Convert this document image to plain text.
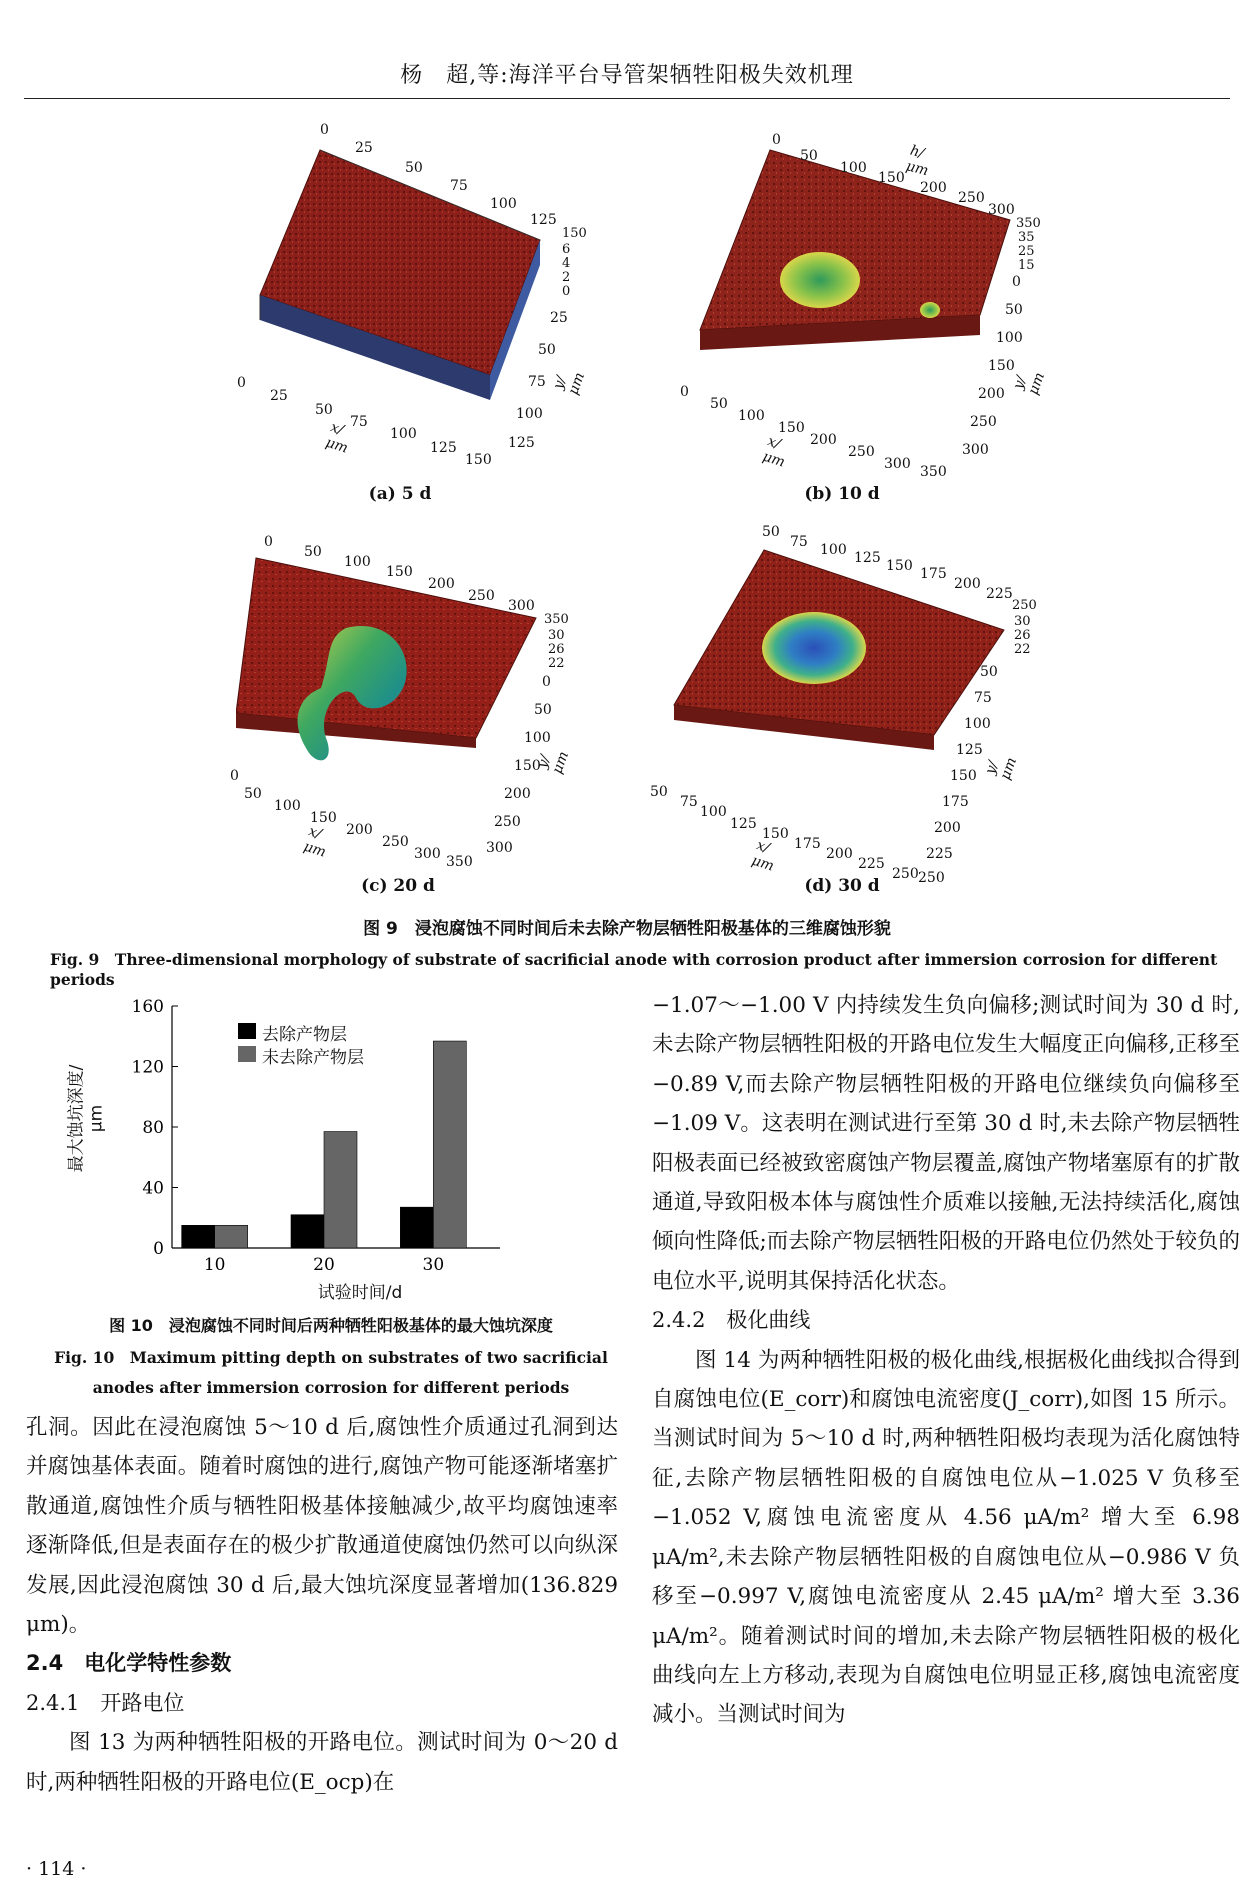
杨　超,等:海洋平台导管架牺牲阳极失效机理
0
25
50
75
100
125
150
6
4
2
0
25
50
75
100
125
y/μm
0
25
50
75
100
125
150
x/μm
(a) 5 d
0
50
100
150
200
250
300
350
h/μm
35
25
15
0
50
100
150
200
250
300
y/μm
0
50
100
150
200
250
300 350
x/μm
(b) 10 d
0
50
100
150
200
250
300
350
30
26
22
0
50
100
150
200
250
300
y/μm
0
50
100
150
200
250
300 350
x/μm
(c) 20 d
50
75 100 125 150 175
200
225
250
30
26
22
50
75
100
125
150
175
200
225
250
y/μm
50
75
100
125
150
175
200
225
250
x/μm
(d) 30 d
图 9　浸泡腐蚀不同时间后未去除产物层牺牲阳极基体的三维腐蚀形貌
Fig. 9　Three-dimensional morphology of substrate of sacrificial anode with corrosion product after immersion corrosion for different periods
0
40
80
120
160
10	20	30
最大蚀坑深度/μm
试验时间/d
去除产物层
未去除产物层
图 10　浸泡腐蚀不同时间后两种牺牲阳极基体的最大蚀坑深度
Fig. 10　Maximum pitting depth on substrates of two sacrificial
anodes after immersion corrosion for different periods

孔洞。因此在浸泡腐蚀 5～10 d 后,腐蚀性介质通过孔洞到达并腐蚀基体表面。随着时腐蚀的进行,腐蚀产物可能逐渐堵塞扩散通道,腐蚀性介质与牺牲阳极基体接触减少,故平均腐蚀速率逐渐降低,但是表面存在的极少扩散通道使腐蚀仍然可以向纵深发展,因此浸泡腐蚀 30 d 后,最大蚀坑深度显著增加(136.829 μm)。

2.4　电化学特性参数

2.4.1　开路电位

图 13 为两种牺牲阳极的开路电位。测试时间为 0～20 d 时,两种牺牲阳极的开路电位(E_ocp)在

−1.07～−1.00 V 内持续发生负向偏移;测试时间为 30 d 时,未去除产物层牺牲阳极的开路电位发生大幅度正向偏移,正移至−0.89 V,而去除产物层牺牲阳极的开路电位继续负向偏移至−1.09 V。这表明在测试进行至第 30 d 时,未去除产物层牺牲阳极表面已经被致密腐蚀产物层覆盖,腐蚀产物堵塞原有的扩散通道,导致阳极本体与腐蚀性介质难以接触,无法持续活化,腐蚀倾向性降低;而去除产物层牺牲阳极的开路电位仍然处于较负的电位水平,说明其保持活化状态。

2.4.2　极化曲线

图 14 为两种牺牲阳极的极化曲线,根据极化曲线拟合得到自腐蚀电位(E_corr)和腐蚀电流密度(J_corr),如图 15 所示。当测试时间为 5～10 d 时,两种牺牲阳极均表现为活化腐蚀特征,去除产物层牺牲阳极的自腐蚀电位从−1.025 V 负移至−1.052 V,腐蚀电流密度从 4.56 μA/m² 增大至 6.98 μA/m²,未去除产物层牺牲阳极的自腐蚀电位从−0.986 V 负移至−0.997 V,腐蚀电流密度从 2.45 μA/m² 增大至 3.36 μA/m²。随着测试时间的增加,未去除产物层牺牲阳极的极化曲线向左上方移动,表现为自腐蚀电位明显正移,腐蚀电流密度减小。当测试时间为

· 114 ·
